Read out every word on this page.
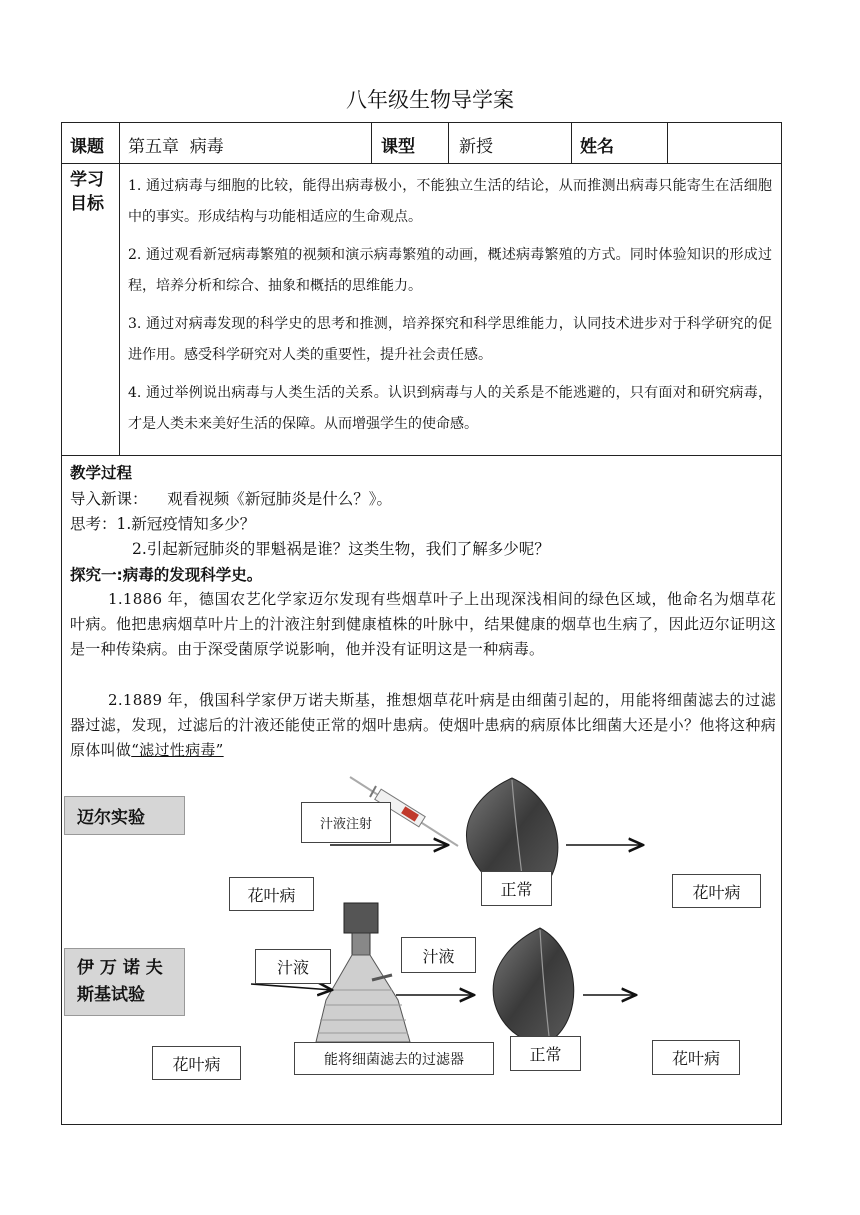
八年级生物导学案
课题 第五章  病毒	课型	新授	姓名
学习
目标

1. 通过病毒与细胞的比较，能得出病毒极小，不能独立生活的结论，从而推测出病毒只能寄生在活细胞中的事实。形成结构与功能相适应的生命观点。

2. 通过观看新冠病毒繁殖的视频和演示病毒繁殖的动画，概述病毒繁殖的方式。同时体验知识的形成过程，培养分析和综合、抽象和概括的思维能力。

3. 通过对病毒发现的科学史的思考和推测，培养探究和科学思维能力，认同技术进步对于科学研究的促进作用。感受科学研究对人类的重要性，提升社会责任感。

4. 通过举例说出病毒与人类生活的关系。认识到病毒与人的关系是不能逃避的，只有面对和研究病毒，才是人类未来美好生活的保障。从而增强学生的使命感。

教学过程
导入新课：    观看视频《新冠肺炎是什么？》。
思考：1.新冠疫情知多少？
2.引起新冠肺炎的罪魁祸是谁？这类生物，我们了解多少呢？
探究一:病毒的发现科学史。
1.1886 年，德国农艺化学家迈尔发现有些烟草叶子上出现深浅相间的绿色区域，他命名为烟草花叶病。他把患病烟草叶片上的汁液注射到健康植株的叶脉中，结果健康的烟草也生病了，因此迈尔证明这是一种传染病。由于深受菌原学说影响，他并没有证明这是一种病毒。
2.1889 年，俄国科学家伊万诺夫斯基，推想烟草花叶病是由细菌引起的，用能将细菌滤去的过滤器过滤，发现，过滤后的汁液还能使正常的烟叶患病。使烟叶患病的病原体比细菌大还是小？他将这种病原体叫做“滤过性病毒”
迈尔实验	汁液注射
花叶病	正常	花叶病
伊 万 诺 夫
斯基试验
汁液
汁液
能将细菌滤去的过滤器
花叶病	正常	花叶病
